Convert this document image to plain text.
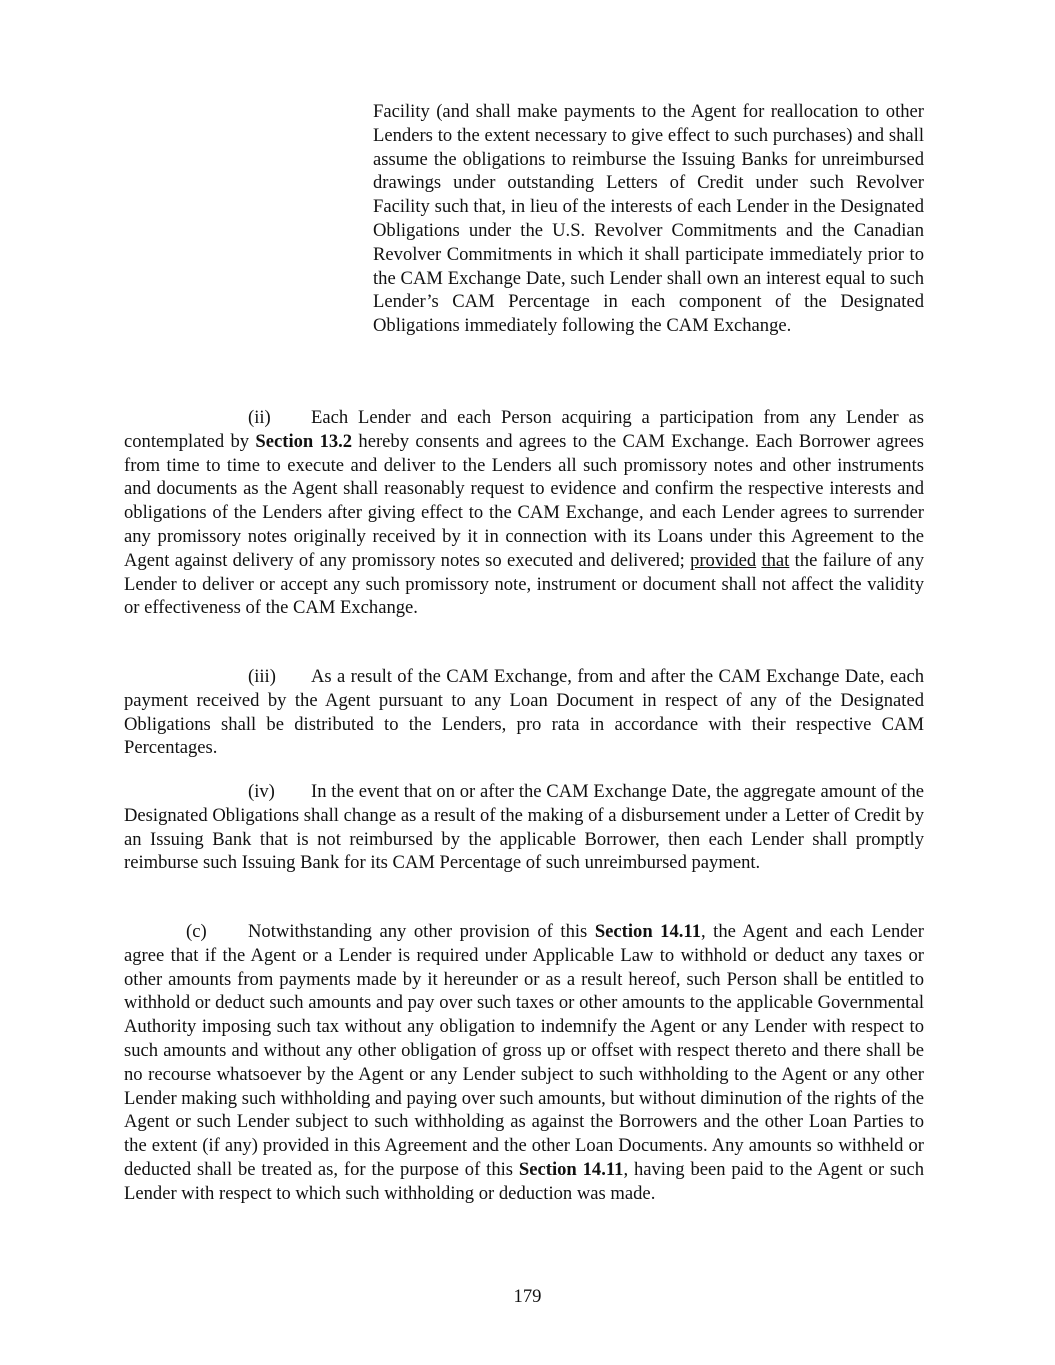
Facility (and shall make payments to the Agent for reallocation to other Lenders to the extent necessary to give effect to such purchases) and shall assume the obligations to reimburse the Issuing Banks for unreimbursed drawings under outstanding Letters of Credit under such Revolver Facility such that, in lieu of the interests of each Lender in the Designated Obligations under the U.S. Revolver Commitments and the Canadian Revolver Commitments in which it shall participate immediately prior to the CAM Exchange Date, such Lender shall own an interest equal to such Lender’s CAM Percentage in each component of the Designated Obligations immediately following the CAM Exchange.

(ii) Each Lender and each Person acquiring a participation from any Lender as contemplated by Section 13.2 hereby consents and agrees to the CAM Exchange. Each Borrower agrees from time to time to execute and deliver to the Lenders all such promissory notes and other instruments and documents as the Agent shall reasonably request to evidence and confirm the respective interests and obligations of the Lenders after giving effect to the CAM Exchange, and each Lender agrees to surrender any promissory notes originally received by it in connection with its Loans under this Agreement to the Agent against delivery of any promissory notes so executed and delivered; provided that the failure of any Lender to deliver or accept any such promissory note, instrument or document shall not affect the validity or effectiveness of the CAM Exchange.

(iii) As a result of the CAM Exchange, from and after the CAM Exchange Date, each payment received by the Agent pursuant to any Loan Document in respect of any of the Designated Obligations shall be distributed to the Lenders, pro rata in accordance with their respective CAM Percentages.

(iv) In the event that on or after the CAM Exchange Date, the aggregate amount of the Designated Obligations shall change as a result of the making of a disbursement under a Letter of Credit by an Issuing Bank that is not reimbursed by the applicable Borrower, then each Lender shall promptly reimburse such Issuing Bank for its CAM Percentage of such unreimbursed payment.

(c) Notwithstanding any other provision of this Section 14.11, the Agent and each Lender agree that if the Agent or a Lender is required under Applicable Law to withhold or deduct any taxes or other amounts from payments made by it hereunder or as a result hereof, such Person shall be entitled to withhold or deduct such amounts and pay over such taxes or other amounts to the applicable Governmental Authority imposing such tax without any obligation to indemnify the Agent or any Lender with respect to such amounts and without any other obligation of gross up or offset with respect thereto and there shall be no recourse whatsoever by the Agent or any Lender subject to such withholding to the Agent or any other Lender making such withholding and paying over such amounts, but without diminution of the rights of the Agent or such Lender subject to such withholding as against the Borrowers and the other Loan Parties to the extent (if any) provided in this Agreement and the other Loan Documents. Any amounts so withheld or deducted shall be treated as, for the purpose of this Section 14.11, having been paid to the Agent or such Lender with respect to which such withholding or deduction was made.

179
